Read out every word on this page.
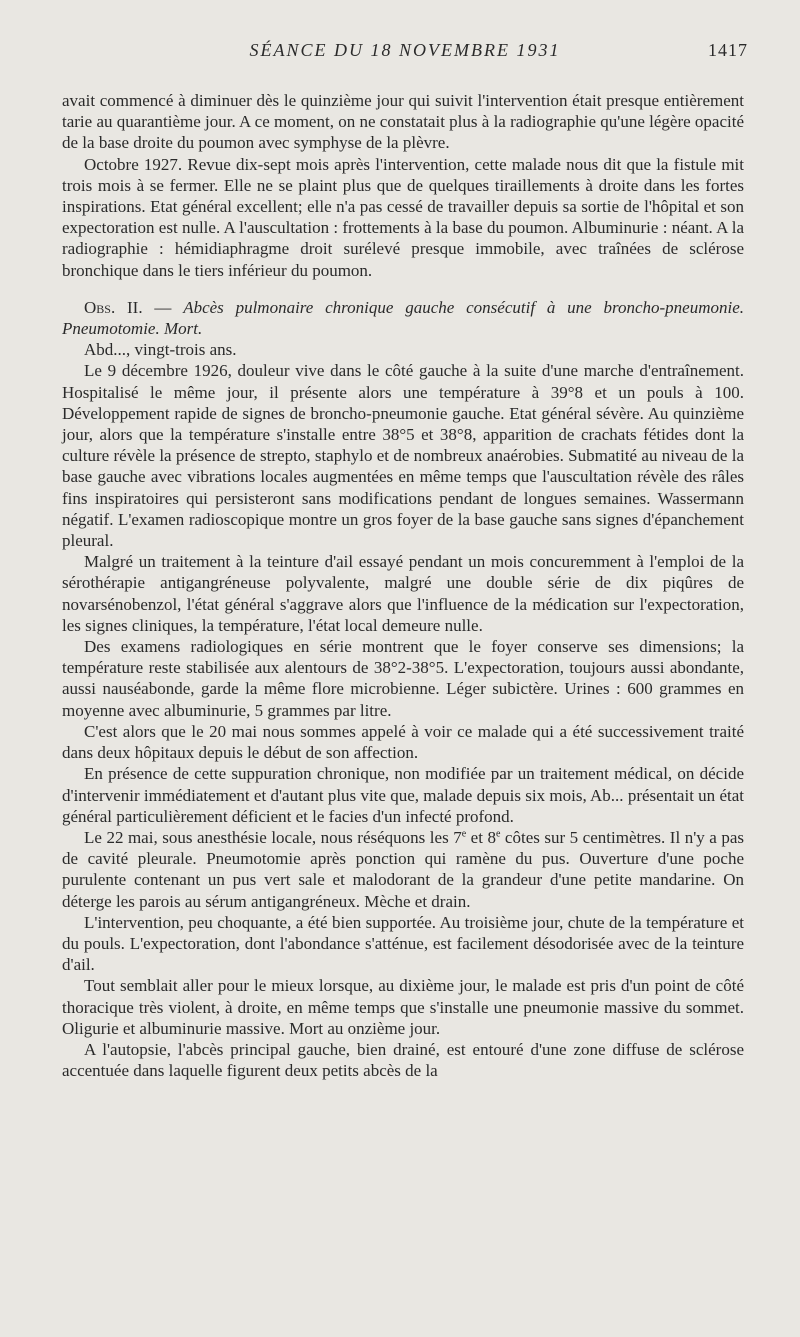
SÉANCE DU 18 NOVEMBRE 1931	1417

avait commencé à diminuer dès le quinzième jour qui suivit l'intervention était presque entièrement tarie au quarantième jour. A ce moment, on ne constatait plus à la radiographie qu'une légère opacité de la base droite du poumon avec symphyse de la plèvre.

Octobre 1927. Revue dix-sept mois après l'intervention, cette malade nous dit que la fistule mit trois mois à se fermer. Elle ne se plaint plus que de quelques tiraillements à droite dans les fortes inspirations. Etat général excellent; elle n'a pas cessé de travailler depuis sa sortie de l'hôpital et son expectoration est nulle. A l'auscultation : frottements à la base du poumon. Albuminurie : néant. A la radiographie : hémidiaphragme droit surélevé presque immobile, avec traînées de sclérose bronchique dans le tiers inférieur du poumon.

Obs. II. — Abcès pulmonaire chronique gauche consécutif à une broncho-pneumonie. Pneumotomie. Mort.

Abd..., vingt-trois ans.

Le 9 décembre 1926, douleur vive dans le côté gauche à la suite d'une marche d'entraînement. Hospitalisé le même jour, il présente alors une température à 39°8 et un pouls à 100. Développement rapide de signes de broncho-pneumonie gauche. Etat général sévère. Au quinzième jour, alors que la température s'installe entre 38°5 et 38°8, apparition de crachats fétides dont la culture révèle la présence de strepto, staphylo et de nombreux anaérobies. Submatité au niveau de la base gauche avec vibrations locales augmentées en même temps que l'auscultation révèle des râles fins inspiratoires qui persisteront sans modifications pendant de longues semaines. Wassermann négatif. L'examen radioscopique montre un gros foyer de la base gauche sans signes d'épanchement pleural.

Malgré un traitement à la teinture d'ail essayé pendant un mois concuremment à l'emploi de la sérothérapie antigangréneuse polyvalente, malgré une double série de dix piqûres de novarsénobenzol, l'état général s'aggrave alors que l'influence de la médication sur l'expectoration, les signes cliniques, la température, l'état local demeure nulle.

Des examens radiologiques en série montrent que le foyer conserve ses dimensions; la température reste stabilisée aux alentours de 38°2-38°5. L'expectoration, toujours aussi abondante, aussi nauséabonde, garde la même flore microbienne. Léger subictère. Urines : 600 grammes en moyenne avec albuminurie, 5 grammes par litre.

C'est alors que le 20 mai nous sommes appelé à voir ce malade qui a été successivement traité dans deux hôpitaux depuis le début de son affection.

En présence de cette suppuration chronique, non modifiée par un traitement médical, on décide d'intervenir immédiatement et d'autant plus vite que, malade depuis six mois, Ab... présentait un état général particulièrement déficient et le facies d'un infecté profond.

Le 22 mai, sous anesthésie locale, nous réséquons les 7e et 8e côtes sur 5 centimètres. Il n'y a pas de cavité pleurale. Pneumotomie après ponction qui ramène du pus. Ouverture d'une poche purulente contenant un pus vert sale et malodorant de la grandeur d'une petite mandarine. On déterge les parois au sérum antigangréneux. Mèche et drain.

L'intervention, peu choquante, a été bien supportée. Au troisième jour, chute de la température et du pouls. L'expectoration, dont l'abondance s'atténue, est facilement désodorisée avec de la teinture d'ail.

Tout semblait aller pour le mieux lorsque, au dixième jour, le malade est pris d'un point de côté thoracique très violent, à droite, en même temps que s'installe une pneumonie massive du sommet. Oligurie et albuminurie massive. Mort au onzième jour.

A l'autopsie, l'abcès principal gauche, bien drainé, est entouré d'une zone diffuse de sclérose accentuée dans laquelle figurent deux petits abcès de la
